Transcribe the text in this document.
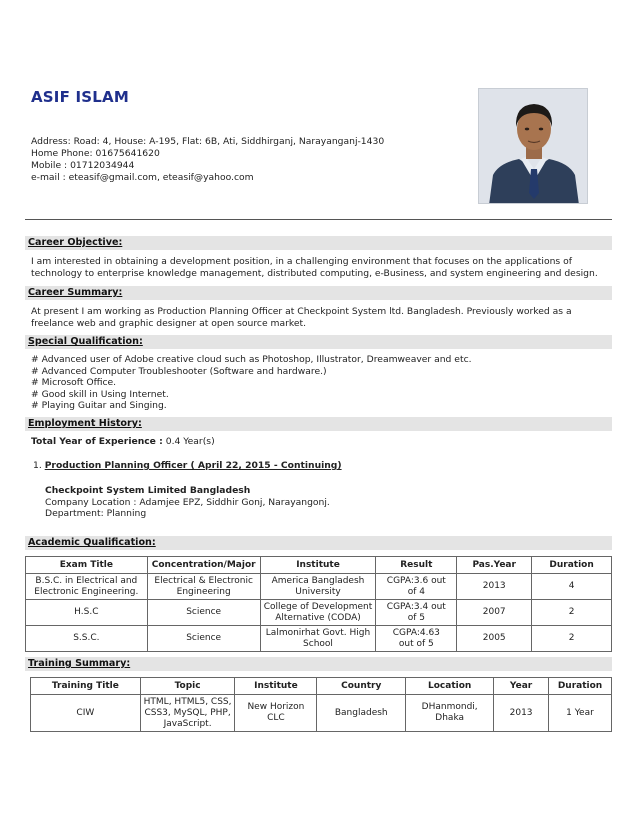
ASIF ISLAM
Address: Road: 4, House: A-195, Flat: 6B, Ati, Siddhirganj, Narayanganj-1430
Home Phone: 01675641620
Mobile : 01712034944
e-mail : eteasif@gmail.com, eteasif@yahoo.com
Career Objective:
I am interested in obtaining a development position, in a challenging environment that focuses on the applications of technology to enterprise knowledge management, distributed computing, e-Business, and system engineering and design.
Career Summary:
At present I am working as Production Planning Officer at Checkpoint System ltd. Bangladesh. Previously worked as a freelance web and graphic designer at open source market.
Special Qualification:
# Advanced user of Adobe creative cloud such as Photoshop, Illustrator, Dreamweaver and etc.
# Advanced Computer Troubleshooter (Software and hardware.)
# Microsoft Office.
# Good skill in Using Internet.
# Playing Guitar and Singing.
Employment History:
Total Year of Experience : 0.4 Year(s)
1. Production Planning Officer ( April 22, 2015 - Continuing)
Checkpoint System Limited Bangladesh
Company Location : Adamjee EPZ, Siddhir Gonj, Narayangonj.
Department: Planning
Academic Qualification:
Exam Title	Concentration/Major	Institute	Result	Pas.Year	Duration
B.S.C. in Electrical and Electronic Engineering.	Electrical & Electronic Engineering	America Bangladesh University	CGPA:3.6 out of 4	2013	4
H.S.C	Science	College of Development Alternative (CODA)	CGPA:3.4 out of 5	2007	2
S.S.C.	Science	Lalmonirhat Govt. High School	CGPA:4.63 out of 5	2005	2
Training Summary:
Training Title	Topic	Institute	Country	Location	Year	Duration
CIW	HTML, HTML5, CSS, CSS3, MySQL, PHP, JavaScript.	New Horizon CLC	Bangladesh	DHanmondi, Dhaka	2013	1 Year
